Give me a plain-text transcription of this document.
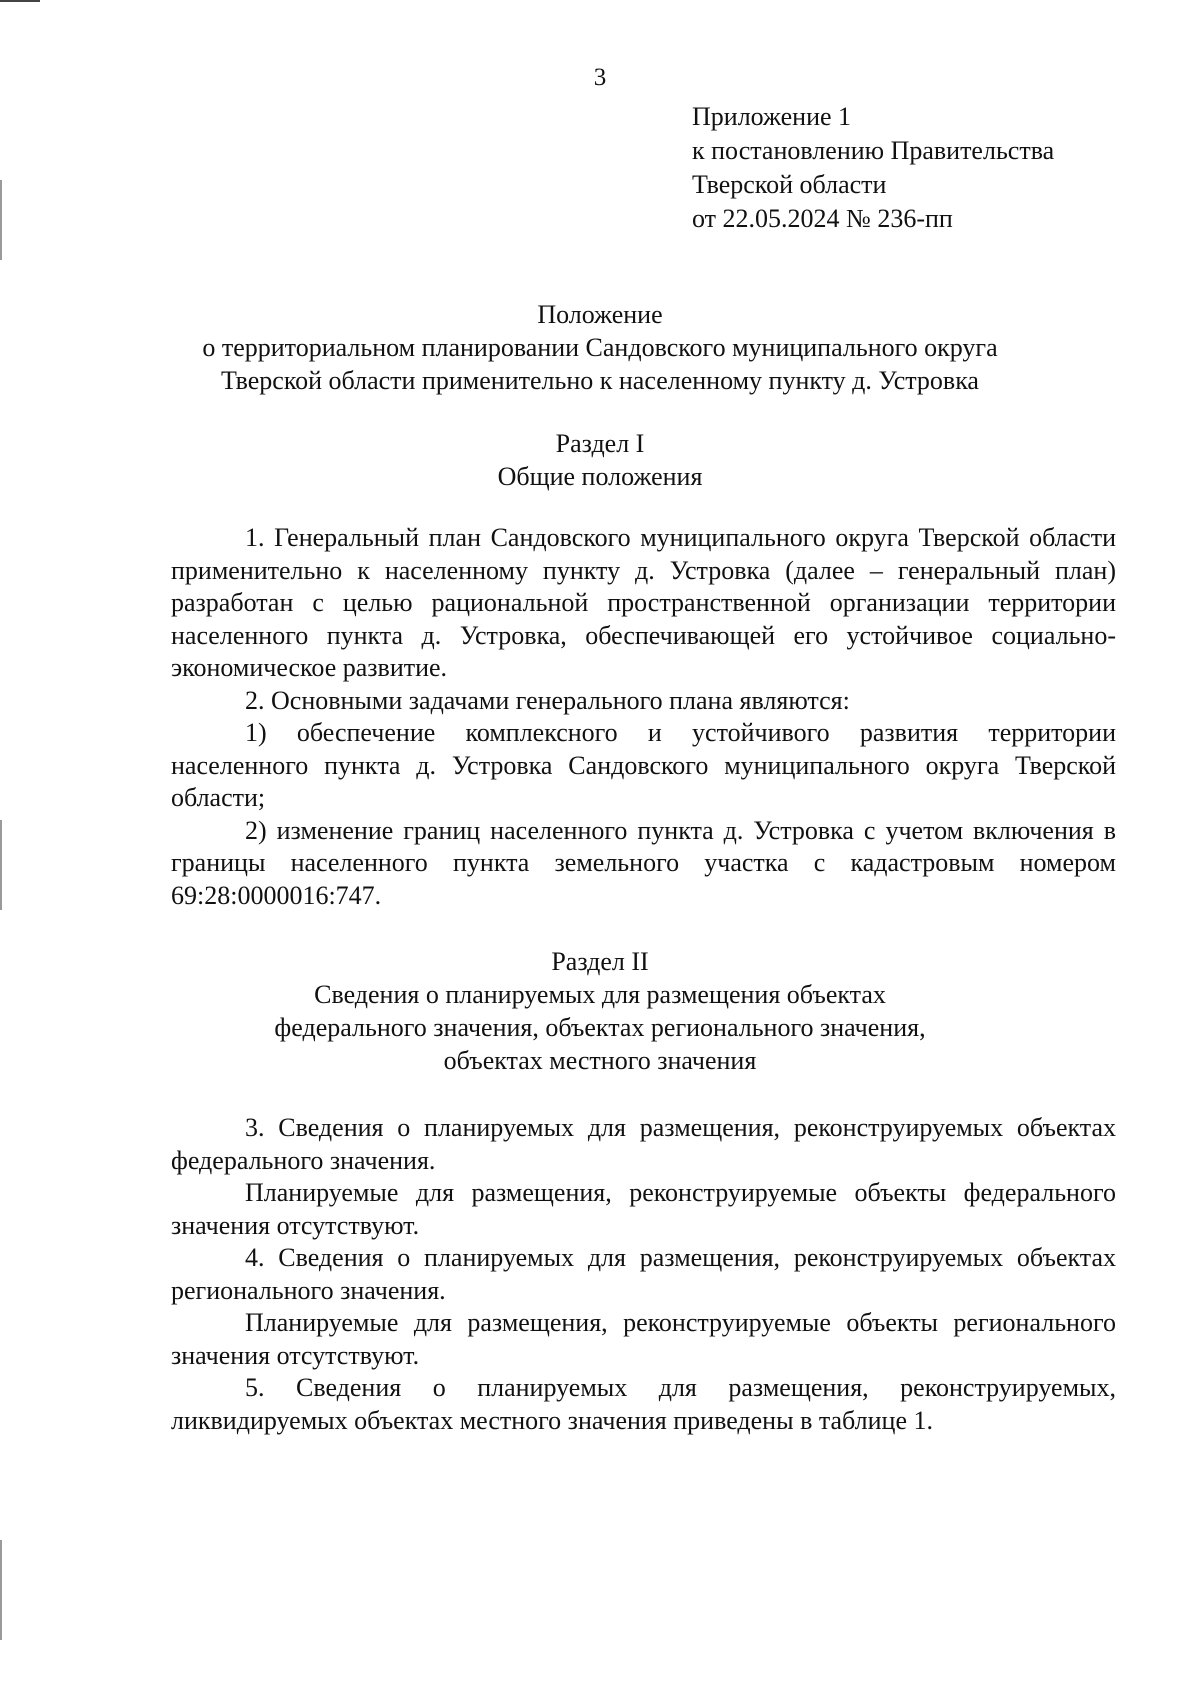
3
Приложение 1
к постановлению Правительства
Тверской области
от 22.05.2024 № 236-пп
Положение
о территориальном планировании Сандовского муниципального округа
Тверской области применительно к населенному пункту д. Устровка
Раздел I
Общие положения

1. Генеральный план Сандовского муниципального округа Тверской области применительно к населенному пункту д. Устровка (далее – генеральный план) разработан с целью рациональной пространственной организации территории населенного пункта д. Устровка, обеспечивающей его устойчивое социально-экономическое развитие.

2. Основными задачами генерального плана являются:

1) обеспечение комплексного и устойчивого развития территории населенного пункта д. Устровка Сандовского муниципального округа Тверской области;

2) изменение границ населенного пункта д. Устровка с учетом включения в границы населенного пункта земельного участка с кадастровым номером 69:28:0000016:747.

Раздел II
Сведения о планируемых для размещения объектах
федерального значения, объектах регионального значения,
объектах местного значения

3. Сведения о планируемых для размещения, реконструируемых объектах федерального значения.

Планируемые для размещения, реконструируемые объекты федерального значения отсутствуют.

4. Сведения о планируемых для размещения, реконструируемых объектах регионального значения.

Планируемые для размещения, реконструируемые объекты регионального значения отсутствуют.

5. Сведения о планируемых для размещения, реконструируемых, ликвидируемых объектах местного значения приведены в таблице 1.
